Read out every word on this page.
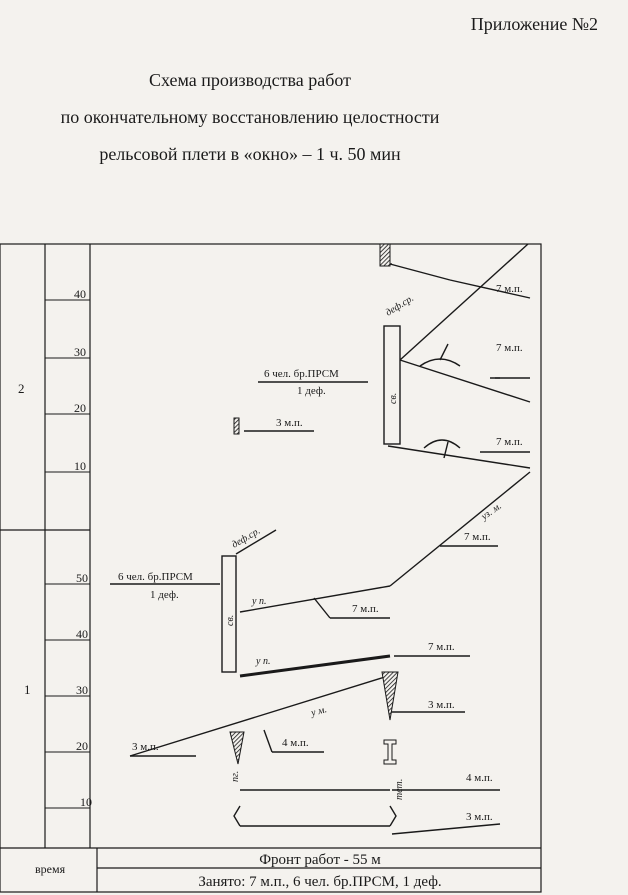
Приложение №2
Схема производства работ
по окончательному восстановлению целостности
рельсовой плети в «окно» – 1 ч. 50 мин
40
30
20
10
50
40
30
20
10
2
1
время
Фронт работ - 55 м
Занято: 7 м.п., 6 чел. бр.ПРСМ, 1 деф.
7 м.п.
7 м.п.
7 м.п.
7 м.п.
7 м.п.
7 м.п.
3 м.п.
3 м.п.
3 м.п.
3 м.п.
4 м.п.
4 м.п.
6 чел. бр.ПРСМ
1 деф.
6 чел. бр.ПРСМ
1 деф.
деф.ср.
деф.ср.
св.
св.
уз. м.
у п.
у п.
у м.
пг.
тет.
